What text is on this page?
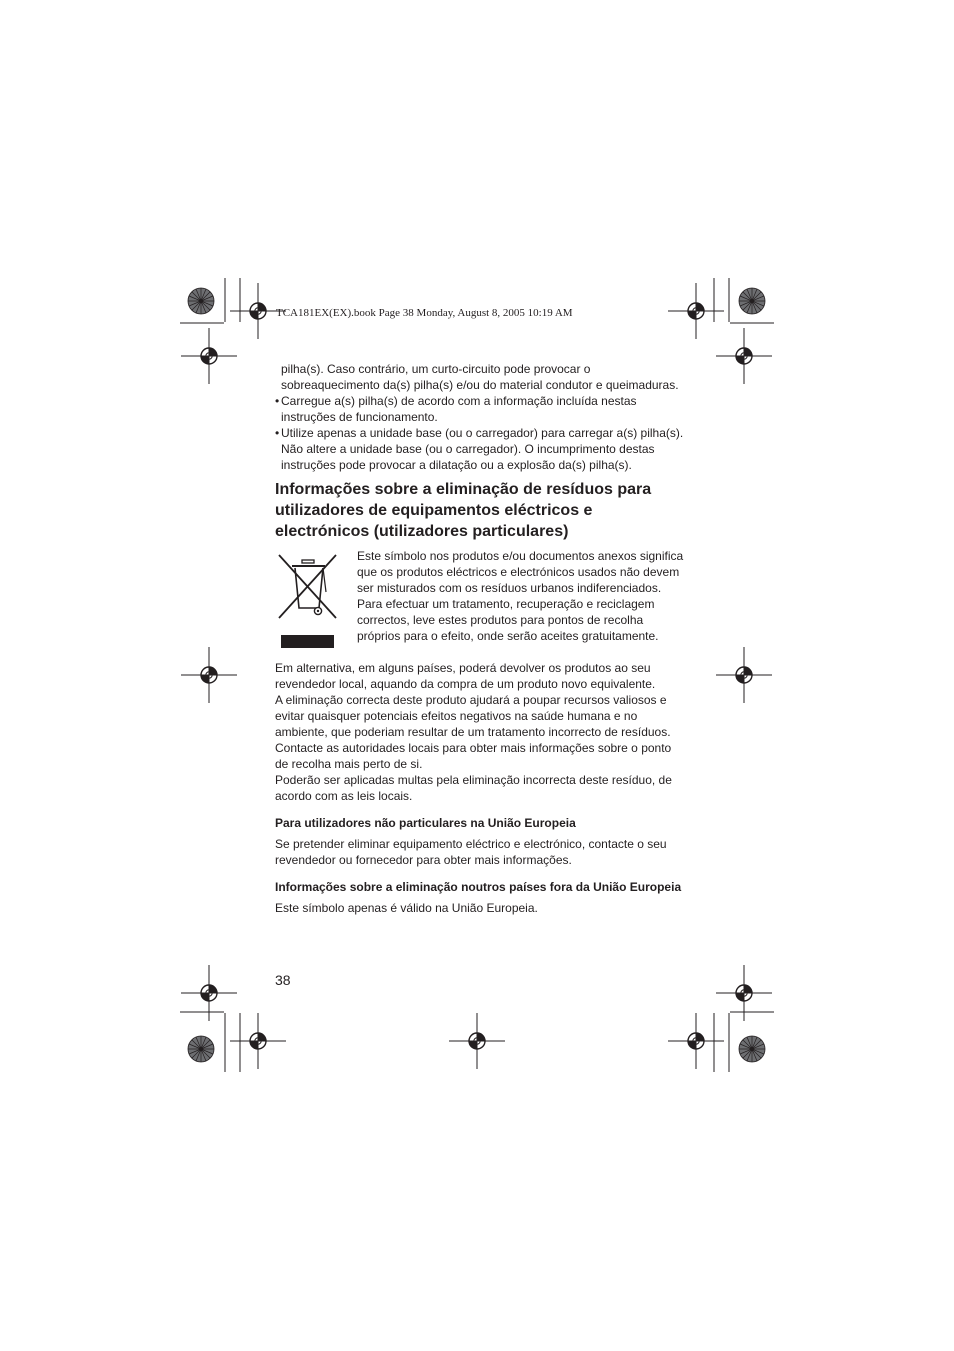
TCA181EX(EX).book Page 38 Monday, August 8, 2005 10:19 AM

pilha(s). Caso contrário, um curto-circuito pode provocar o sobreaquecimento da(s) pilha(s) e/ou do material condutor e queimaduras.

• Carregue a(s) pilha(s) de acordo com a informação incluída nestas instruções de funcionamento.

• Utilize apenas a unidade base (ou o carregador) para carregar a(s) pilha(s). Não altere a unidade base (ou o carregador). O incumprimento destas instruções pode provocar a dilatação ou a explosão da(s) pilha(s).

Informações sobre a eliminação de resíduos para utilizadores de equipamentos eléctricos e electrónicos (utilizadores particulares)

Este símbolo nos produtos e/ou documentos anexos significa que os produtos eléctricos e electrónicos usados não devem ser misturados com os resíduos urbanos indiferenciados.

Para efectuar um tratamento, recuperação e reciclagem correctos, leve estes produtos para pontos de recolha próprios para o efeito, onde serão aceites gratuitamente.

Em alternativa, em alguns países, poderá devolver os produtos ao seu revendedor local, aquando da compra de um produto novo equivalente.

A eliminação correcta deste produto ajudará a poupar recursos valiosos e evitar quaisquer potenciais efeitos negativos na saúde humana e no ambiente, que poderiam resultar de um tratamento incorrecto de resíduos.

Contacte as autoridades locais para obter mais informações sobre o ponto de recolha mais perto de si.

Poderão ser aplicadas multas pela eliminação incorrecta deste resíduo, de acordo com as leis locais.

Para utilizadores não particulares na União Europeia

Se pretender eliminar equipamento eléctrico e electrónico, contacte o seu revendedor ou fornecedor para obter mais informações.

Informações sobre a eliminação noutros países fora da União Europeia

Este símbolo apenas é válido na União Europeia.

38
